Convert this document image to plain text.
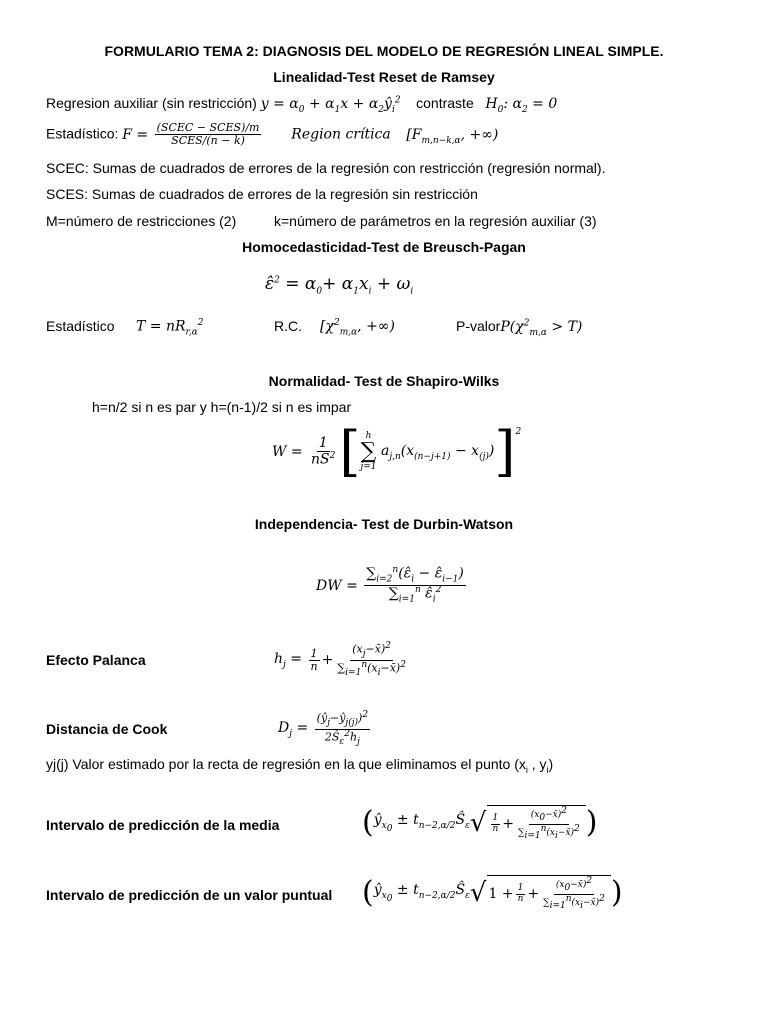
FORMULARIO TEMA 2: DIAGNOSIS DEL MODELO DE REGRESIÓN LINEAL SIMPLE.
Linealidad-Test Reset de Ramsey
Regresion auxiliar (sin restricción) $y = \alpha_0 + \alpha_1x$ + $\alpha_2ŷ_i^2$ contraste $H_0$: $\alpha_2 = 0$
Estadístico: $F = \frac{\text{(SCEC − SCES)/m}}{\text{SCES/(n − k)}}$ Region crítica [$F_{m,n-k,\alpha}$, +∞)
SCEC: Sumas de cuadrados de errores de la regresión con restricción (regresión normal).
SCES: Sumas de cuadrados de errores de la regresión sin restricción
M=número de restricciones (2)	k=número de parámetros en la regresión auxiliar (3)
Homocedasticidad-Test de Breusch-Pagan
ε̂$^2$ = $\alpha_0+ \alpha_1x_i + \omega_i$
Estadístico $T = nR_{r,\alpha}^2$	R.C. [$\chi^2_{m,\alpha}$, +∞)	$P-valorP(\chi^2_{m,\alpha} > T)$
Normalidad- Test de Shapiro-Wilks
h=n/2 si n es par y h=(n-1)/2 si n es impar
$W = \frac{1}{nS^2}$ [ h
∑
j=1
$a_{j,n}(x_{(n-j+1)} - x_{(j)})$ ]$^2$
Independencia- Test de Durbin-Watson
DW = $\frac{\sum_{i=2}^n(\varepsilon̂_i - \varepsilon̂_{i-1})}{\sum_{i=1}^n \varepsilon̂_i^2}$
Efecto Palanca	$h_j = \frac{1}{n} + \frac{(x_j-x̄)^2}{\sum_{i=1}^n(x_i-x̄)^2}$
Distancia de Cook	$D_j = \frac{(ŷ_j-ŷ_{j(j)})^2}{2Ŝ_\varepsilon^2h_j}$
yj(j) Valor estimado por la recta de regresión en la que eliminamos el punto ($x_i$ , $y_i$)
Intervalo de predicción de la media	( $ŷ_{x_0}$ ± $t_{n-2,\alpha/2}Ŝ_\varepsilon$ √ $\frac{1}{n} + \frac{(x_0-x̄)^2}{\sum_{i=1}^n(x_i-x̄)^2}$ )
Intervalo de predicción de un valor puntual ( $ŷ_{x_0}$ ± $t_{n-2,\alpha/2}Ŝ_\varepsilon$ √ $1 + \frac{1}{n} + \frac{(x_0-x̄)^2}{\sum_{i=1}^n(x_i-x̄)^2}$ )
